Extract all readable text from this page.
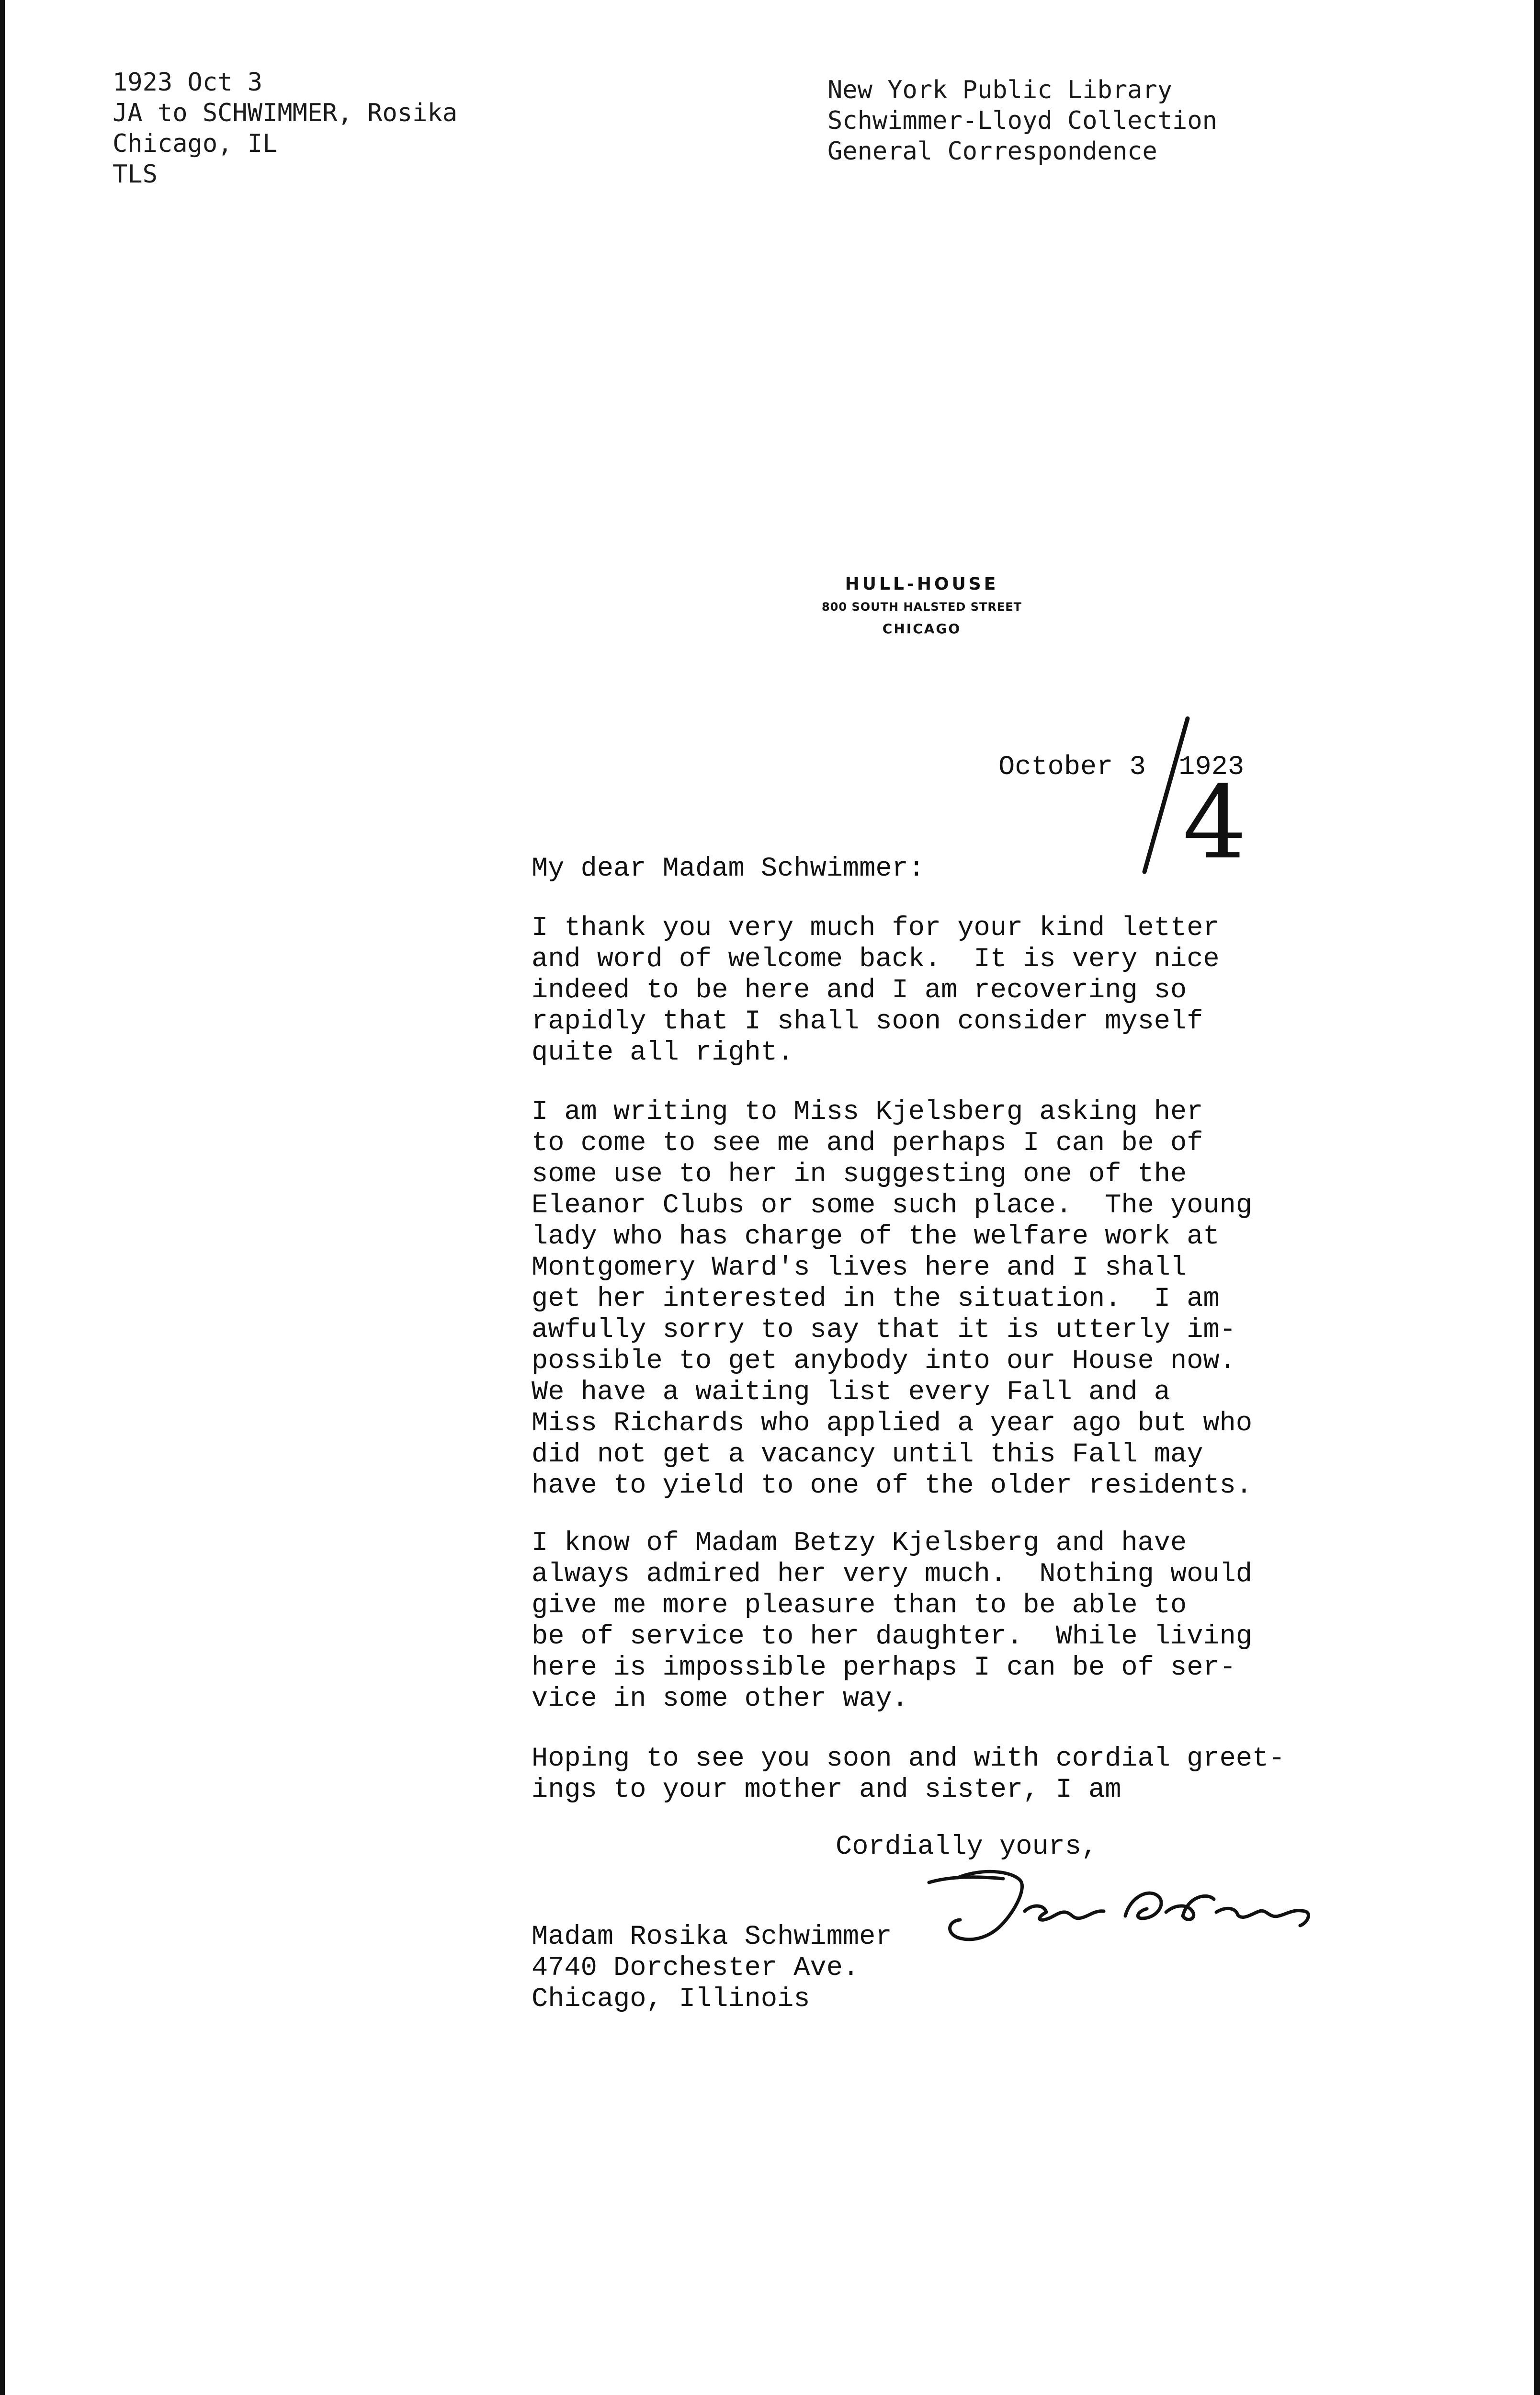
1923 Oct 3
JA to SCHWIMMER, Rosika
Chicago, IL
TLS
New York Public Library
Schwimmer-Lloyd Collection
General Correspondence
HULL-HOUSE
800 SOUTH HALSTED STREET
CHICAGO
October 3  1923
4
My dear Madam Schwimmer:
I thank you very much for your kind letter
and word of welcome back.  It is very nice
indeed to be here and I am recovering so
rapidly that I shall soon consider myself
quite all right.
I am writing to Miss Kjelsberg asking her
to come to see me and perhaps I can be of
some use to her in suggesting one of the
Eleanor Clubs or some such place.  The young
lady who has charge of the welfare work at
Montgomery Ward's lives here and I shall
get her interested in the situation.  I am
awfully sorry to say that it is utterly im-
possible to get anybody into our House now.
We have a waiting list every Fall and a
Miss Richards who applied a year ago but who
did not get a vacancy until this Fall may
have to yield to one of the older residents.
I know of Madam Betzy Kjelsberg and have
always admired her very much.  Nothing would
give me more pleasure than to be able to
be of service to her daughter.  While living
here is impossible perhaps I can be of ser-
vice in some other way.
Hoping to see you soon and with cordial greet-
ings to your mother and sister, I am
Cordially yours,
Madam Rosika Schwimmer
4740 Dorchester Ave.
Chicago, Illinois
